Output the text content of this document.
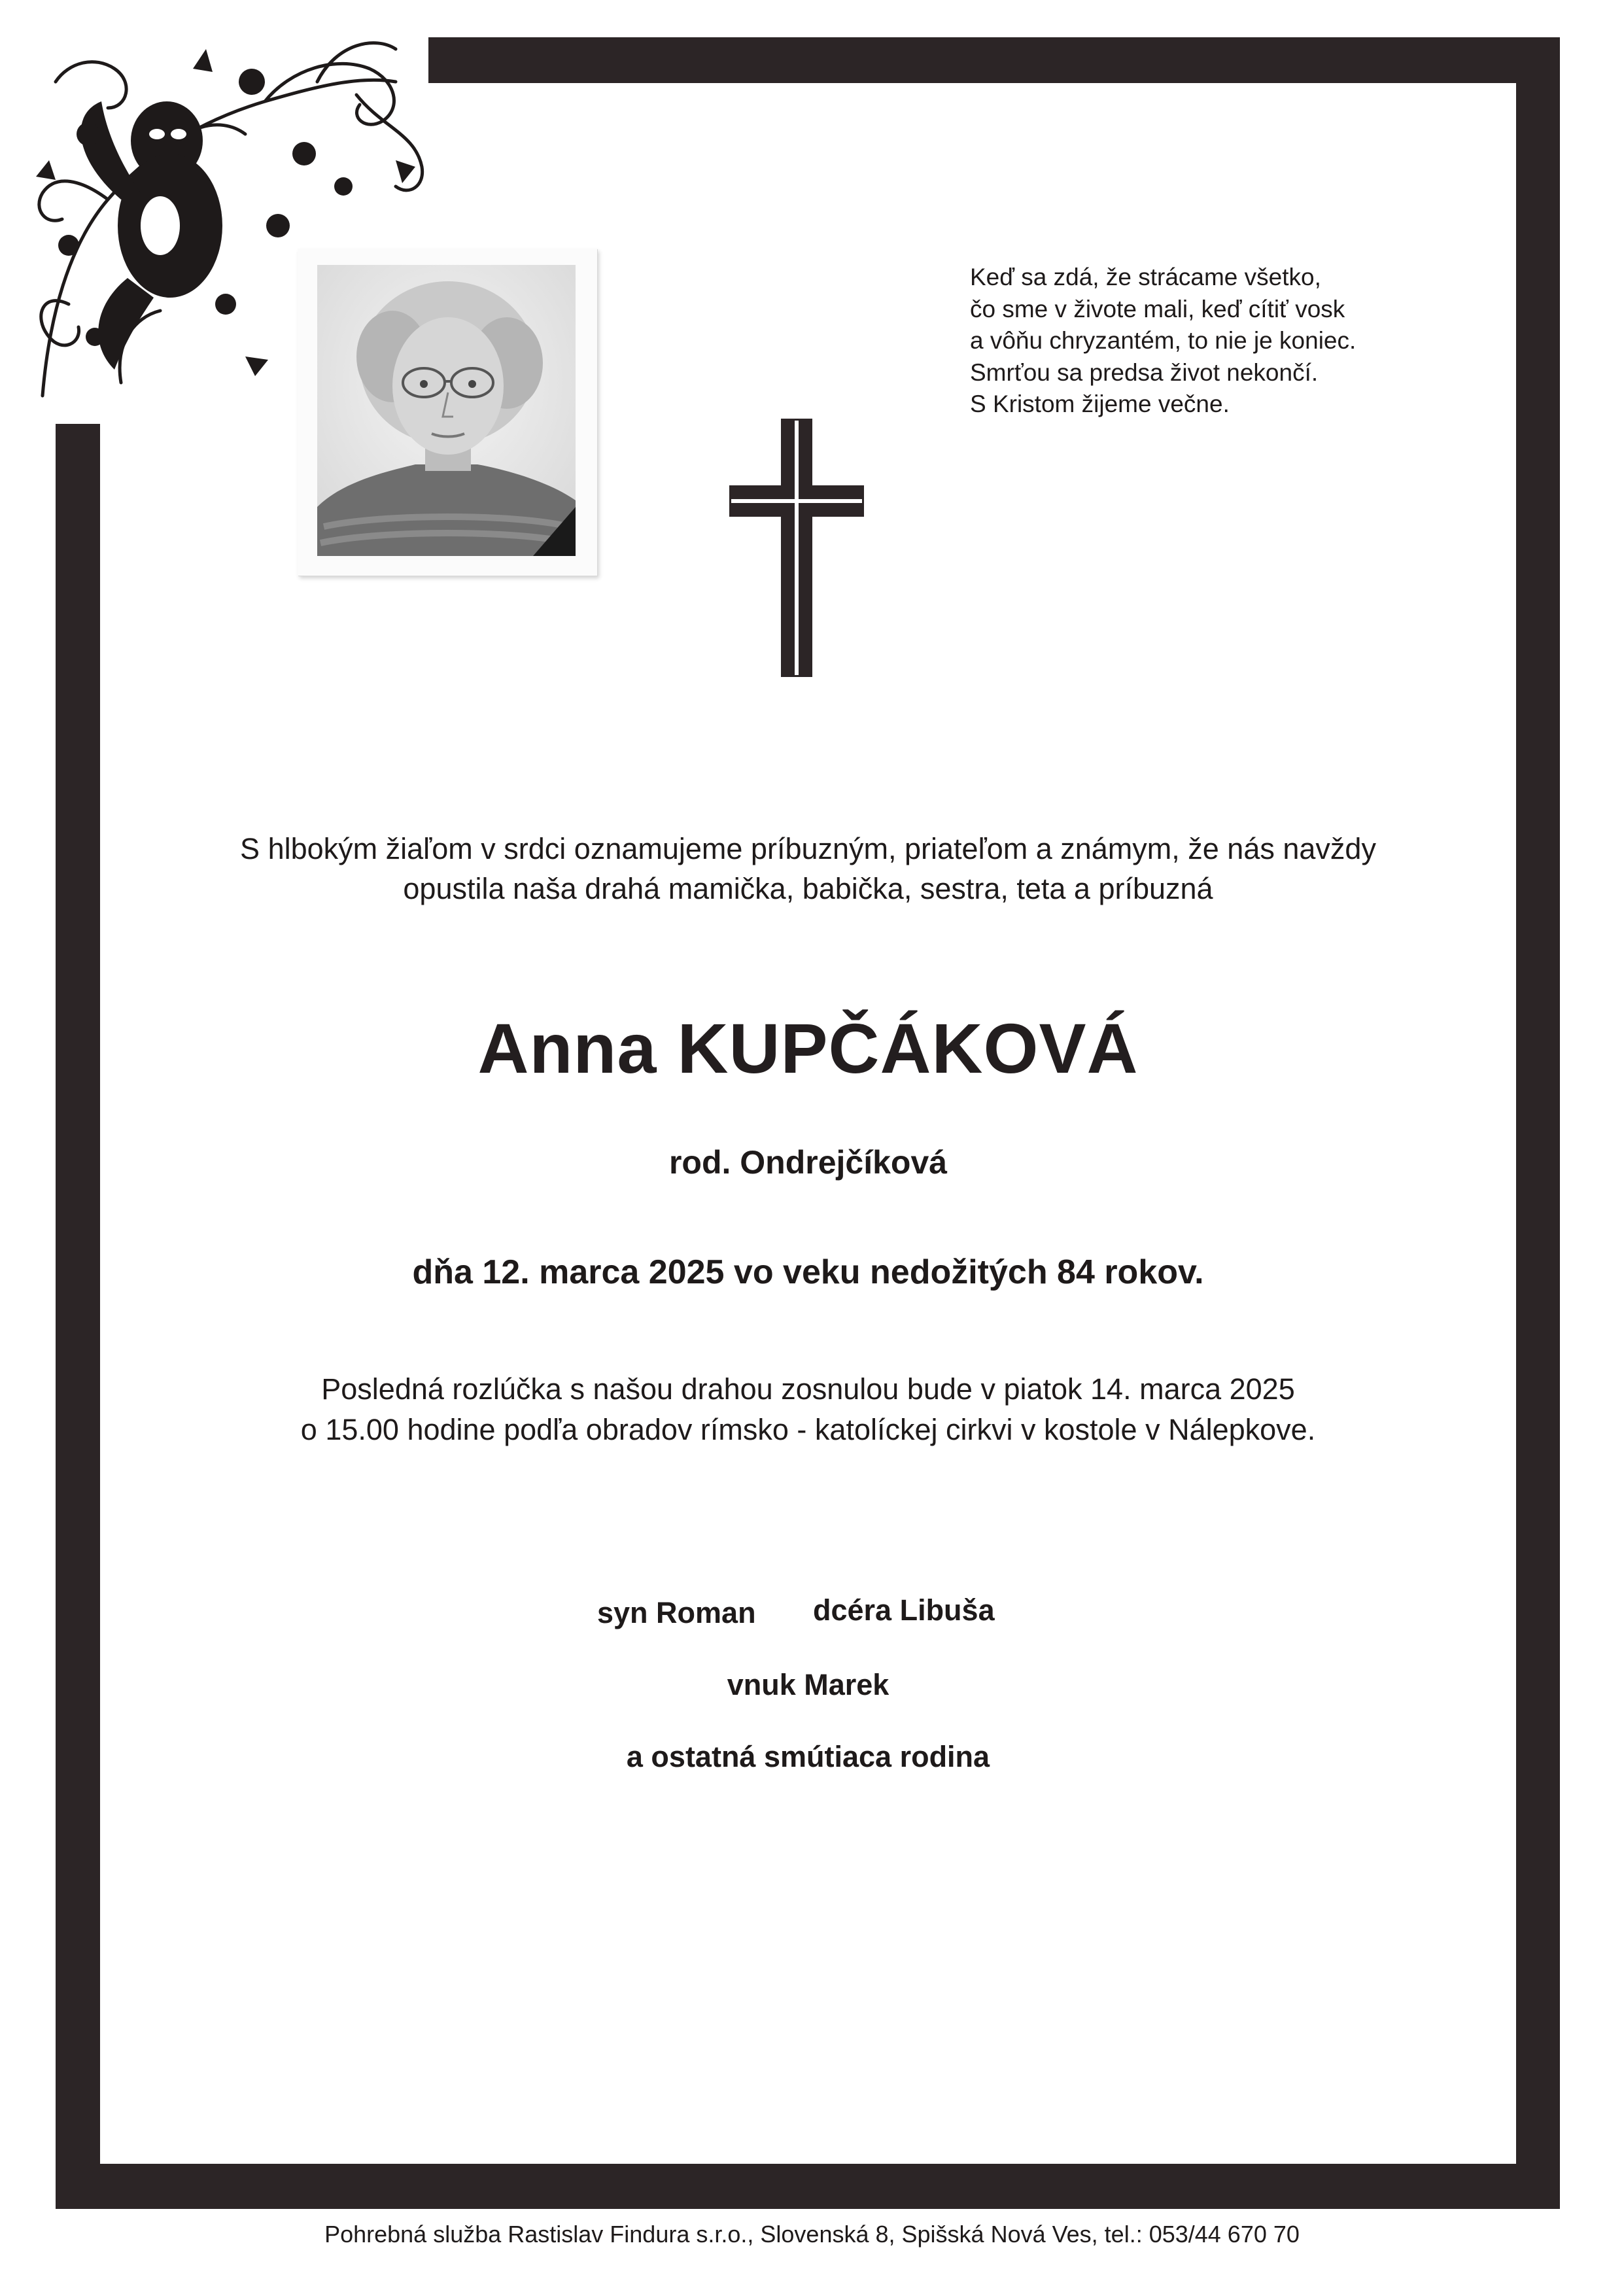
Keď sa zdá, že strácame všetko,
čo sme v živote mali, keď cítiť vosk
a vôňu chryzantém, to nie je koniec.
Smrťou sa predsa život nekončí.
S Kristom žijeme večne.
S hlbokým žiaľom v srdci oznamujeme príbuzným, priateľom a známym, že nás navždy
opustila naša drahá mamička, babička, sestra, teta a príbuzná
Anna KUPČÁKOVÁ
rod. Ondrejčíková
dňa 12. marca 2025 vo veku nedožitých 84 rokov.
Posledná rozlúčka s našou drahou zosnulou bude v piatok 14. marca 2025
o 15.00 hodine podľa obradov rímsko - katolíckej cirkvi v kostole v Nálepkove.
syn Roman dcéra Libuša
vnuk Marek
a ostatná smútiaca rodina
Pohrebná služba Rastislav Findura s.r.o., Slovenská 8, Spišská Nová Ves, tel.: 053/44 670 70
